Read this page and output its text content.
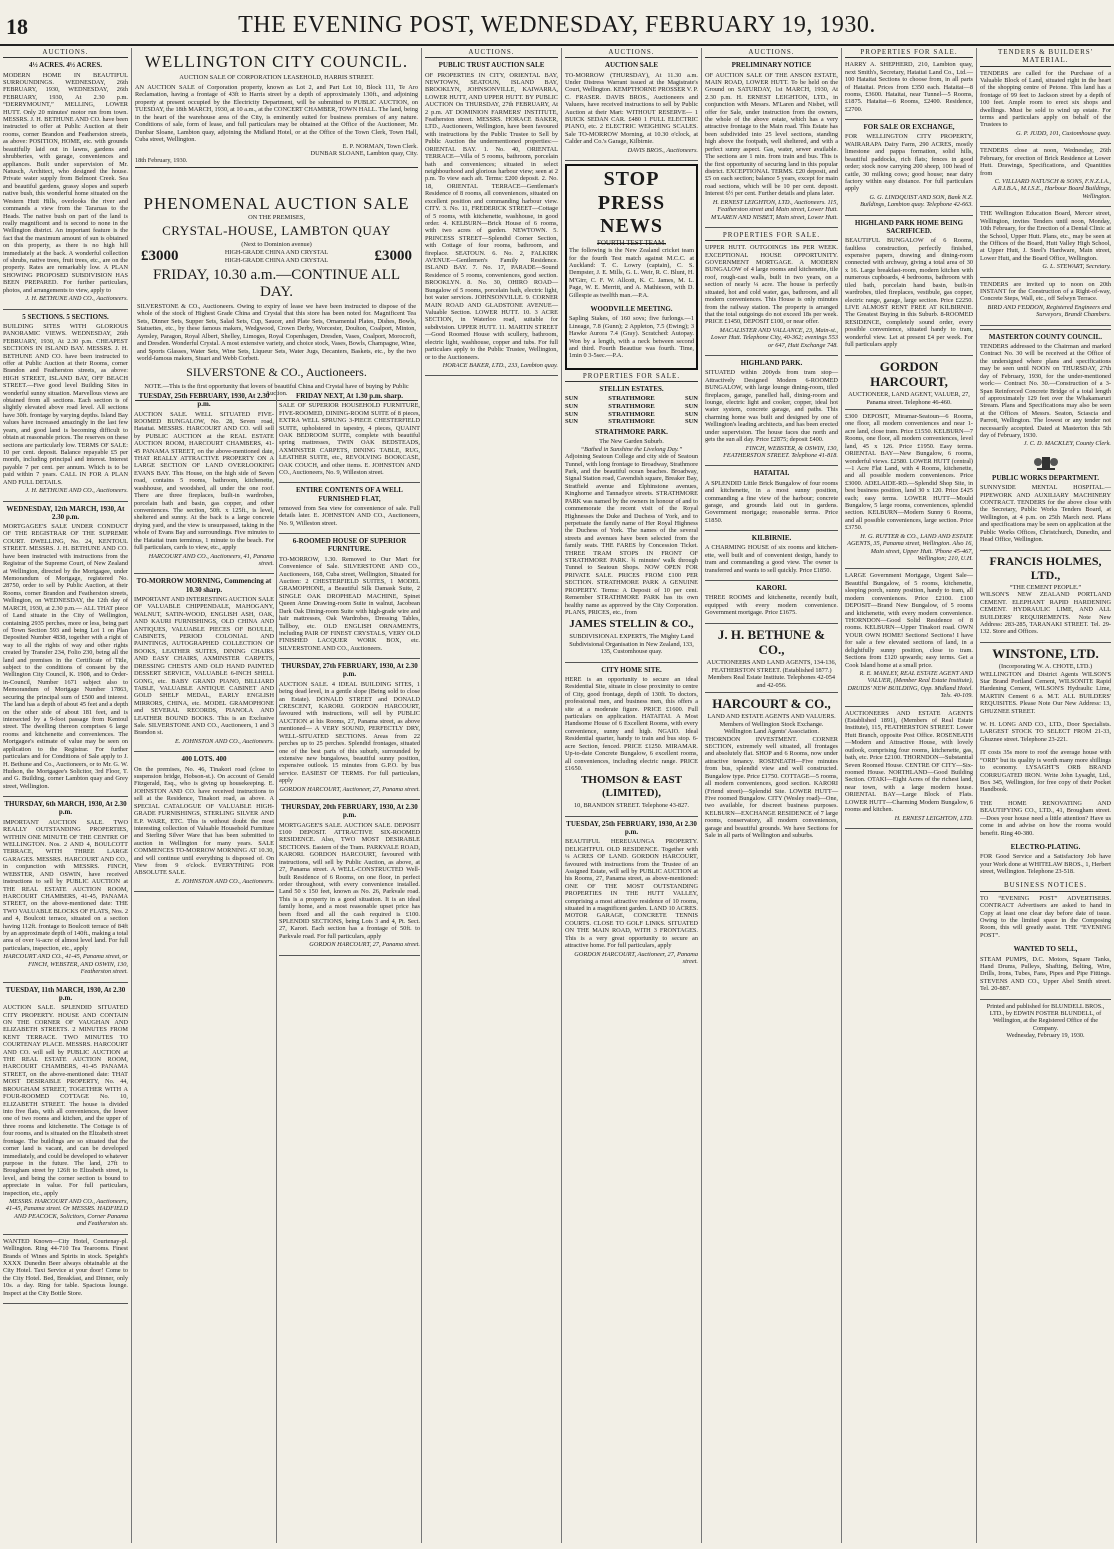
18	THE EVENING POST, WEDNESDAY, FEBRUARY 19, 1930.
AUCTIONS.
4½ ACRES. 4½ ACRES.
MODERN HOME IN BEAUTIFUL SURROUNDINGS. WEDNESDAY, 26th FEBRUARY, 1930, WEDNESDAY, 26th FEBRUARY, 1930, At 2.30 p.m. “DERRYMOUNT,” MELLING, LOWER HUTT. Only 20 minutes' motor run from town. MESSRS. J. H. BETHUNE AND CO. have been instructed to offer at Public Auction at their rooms, corner Brandon and Featherston streets, as above: POSITION, HOME, etc. with grounds beautifully laid out in lawns, gardens and shrubberies, with garage, conveniences and appliances. Built under supervision of Mr. Natusch, Architect, who designed the house. Private water supply from Belmont Creek. Sea and beautiful gardens, grassy slopes and superb native bush, this wonderful home situated on the Western Hutt Hills, overlooks the river and commands a view from the Tararuas to the Heads. The native bush on part of the land is really magnificent and is second to none in the Wellington district. An important feature is the fact that the maximum amount of sun is obtained on this property, as there is no high hill immediately at the back. A wonderful collection of shrubs, native trees, fruit trees, etc., are on the property. Rates are remarkably low. A PLAN SHOWING PROPOSED SUBDIVISION HAS BEEN PREPARED. For further particulars, photos, and arrangements to view, apply to
J. H. BETHUNE AND CO., Auctioneers.
5 SECTIONS. 5 SECTIONS.
BUILDING SITES WITH GLORIOUS PANORAMIC VIEWS. WEDNESDAY, 26th FEBRUARY, 1930, At 2.30 p.m. CHEAPEST SECTIONS IN ISLAND BAY. MESSRS. J. H. BETHUNE AND CO. have been instructed to offer at Public Auction at their Rooms, corner Brandon and Featherston streets, as above: HIGH STREET, ISLAND BAY, OFF BEACH STREET.—Five good level Building Sites in wonderful sunny situation. Marvellous views are obtained from all sections. Each section is of slightly elevated above road level. All sections have 30ft. frontage by varying depths. Island Bay values have increased amazingly in the last few years, and good land is becoming difficult to obtain at reasonable prices. The reserves on these sections are particularly low. TERMS OF SALE: 10 per cent. deposit. Balance repayable £5 per month, including principal and interest. Interest payable 7 per cent. per annum. Which is to be paid within 7 years. CALL IN FOR A PLAN AND FULL DETAILS.
J. H. BETHUNE AND CO., Auctioneers.
WEDNESDAY, 12th MARCH, 1930, At 2.30 p.m.
MORTGAGEE'S SALE UNDER CONDUCT OF THE REGISTRAR OF THE SUPREME COURT. DWELLING, No. 24, KENTOUL STREET. MESSRS. J. H. BETHUNE AND CO. have been instructed with instructions from the Registrar of the Supreme Court, of New Zealand at Wellington, directed by the Mortgagee, under Memorandum of Mortgage, registered No. 28750, order to sell by Public Auction, at their Rooms, corner Brandon and Featherston streets, Wellington, on WEDNESDAY, the 12th day of MARCH, 1930, at 2.30 p.m.— ALL THAT piece of Land situate in the City of Wellington, containing 2935 perches, more or less, being part of Town Section 593 and being Lot 1 on Plan Deposited Number 4838, together with a right of way to all the rights of way and other rights created by Transfer 234, Folio 230, being all the land and premises in the Certificate of Title, subject to the conditions of consent by the Wellington City Council, K. 1908, and to Order-in-Council, Number 1671 subject also to Memorandum of Mortgage Number 17863, securing the principal sum of £500 and interest. The land has a depth of about 45 feet and a depth on the other side of about 181 feet, and is intersected by a 9-foot passage from Kentoul street. The dwelling thereon comprises 6 large rooms and kitchenette and conveniences. The Mortgagee's estimate of value may be seen on application to the Registrar. For further particulars and for Conditions of Sale apply to J. H. Bethune and Co., Auctioneers, or to Mr. G. W. Hudson, the Mortgagee's Solicitor, 3rd Floor, T. and G. Building, corner Lambton quay and Grey street, Wellington.
THURSDAY, 6th MARCH, 1930, At 2.30 p.m.
IMPORTANT AUCTION SALE. TWO REALLY OUTSTANDING PROPERTIES, WITHIN ONE MINUTE OF THE CENTRE OF WELLINGTON. Nos. 2 AND 4, BOULCOTT TERRACE, WITH THREE LARGE GARAGES. MESSRS. HARCOURT AND CO., in conjunction with MESSRS. FINCH, WEBSTER, AND OSWIN, have received instructions to sell by PUBLIC AUCTION at THE REAL ESTATE AUCTION ROOM, HARCOURT CHAMBERS, 41-45, PANAMA STREET, on the above-mentioned date: THE TWO VALUABLE BLOCKS OF FLATS, Nos. 2 and 4, Boulcott terrace, situated on a section having 112ft. frontage to Boulcott terrace of 84ft by an approximate depth of 140ft., making a total area of over ¼-acre of almost level land. For full particulars, inspection, etc., apply
HARCOURT AND CO., 41-45, Panama street, or FINCH, WEBSTER, AND OSWIN, 130, Featherston street.
TUESDAY, 11th MARCH, 1930, At 2.30 p.m.
AUCTION SALE. SPLENDID SITUATED CITY PROPERTY. HOUSE AND CONTAIN ON THE CORNER OF VAUGHAN AND ELIZABETH STREETS. 2 MINUTES FROM KENT TERRACE. TWO MINUTES TO COURTENAY PLACE. MESSRS. HARCOURT AND CO. will sell by PUBLIC AUCTION at THE REAL ESTATE AUCTION ROOM, HARCOURT CHAMBERS, 41-45 PANAMA STREET, on the above-mentioned date: THAT MOST DESIRABLE PROPERTY, No. 44, BROUGHAM STREET, TOGETHER WITH A FOUR-ROOMED COTTAGE No. 10, ELIZABETH STREET. The house is divided into five flats, with all conveniences, the lower one of two rooms and kitchen, and the upper of three rooms and kitchenette. The Cottage is of four rooms, and is situated on the Elizabeth street frontage. The buildings are so situated that the corner land is vacant, and can be developed immediately, and could be developed to whatever purpose in the future. The land, 27ft to Brougham street by 126ft to Elizabeth street, is level, and being the corner section is bound to appreciate in value. For full particulars, inspection, etc., apply
MESSRS. HARCOURT AND CO., Auctioneers, 41-45, Panama street. Or MESSRS. HADFIELD AND PEACOCK, Solicitors, Corner Panama and Featherston sts.
WANTED Known—City Hotel, Courtenay-pl. Wellington. Ring 44-710 Tea Tearooms. Finest Brands of Wines and Spirits in stock. Speight's XXXX Dunedin Beer always obtainable at the City Hotel. Taxi Service at your door! Come to the City Hotel. Bed, Breakfast, and Dinner, only 10s. a day. Ring for table. Spacious lounge. Inspect at the City Bottle Store.
WELLINGTON CITY COUNCIL.
AUCTION SALE OF CORPORATION LEASEHOLD, HARRIS STREET.
AN AUCTION SALE of Corporation property, known as Lot 2, and Part Lot 10, Block 111, Te Aro Reclamation, having a frontage of 43ft to Harris street by a depth of approximately 130ft., and adjoining property at present occupied by the Electricity Department, will be submitted to PUBLIC AUCTION, on TUESDAY, the 18th MARCH, 1930, at 10 a.m., at the CONCERT CHAMBER, TOWN HALL. The land, being in the heart of the warehouse area of the City, is eminently suited for business premises of any nature. Conditions of sale, form of lease, and full particulars may be obtained at the Office of the Auctioneer, Mr. Dunbar Sloane, Lambton quay, adjoining the Midland Hotel, or at the Office of the Town Clerk, Town Hall, Cuba street, Wellington.
E. P. NORMAN, Town Clerk.
DUNBAR SLOANE, Lambton quay, City.
18th February, 1930.
PHENOMENAL AUCTION SALE
ON THE PREMISES,
CRYSTAL-HOUSE, LAMBTON QUAY
(Next to Dominion avenue)
£3000	HIGH-GRADE CHINA AND CRYSTAL
HIGH-GRADE CHINA AND CRYSTAL	£3000
FRIDAY, 10.30 a.m.—CONTINUE ALL DAY.
SILVERSTONE & CO., Auctioneers. Owing to expiry of lease we have been instructed to dispose of the whole of the stock of Highest Grade China and Crystal that this store has been noted for. Magnificent Tea Sets, Dinner Sets, Supper Sets, Salad Sets, Cup, Saucer, and Plate Sets, Ornamental Plates, Dishes, Bowls, Statuettes, etc., by these famous makers, Wedgwood, Crown Derby, Worcester, Doulton, Coalport, Minton, Aynsley, Paragon, Royal Albert, Shelley, Limoges, Royal Copenhagen, Dresden, Vases, Coalport, Morocroft, and Dresden. Wonderful Crystal. A most extensive variety, and choice stock, Vases, Bowls, Champagne, Wine, and Sports Glasses, Water Sets, Wine Sets, Liqueur Sets, Water Jugs, Decanters, Baskets, etc., by the two world-famous makers, Stuart and Webb Corbett.
SILVERSTONE & CO., Auctioneers.
NOTE.—This is the first opportunity that lovers of beautiful China and Crystal have of buying by Public Auction.
TUESDAY, 25th FEBRUARY, 1930, At 2.30 p.m.
AUCTION SALE. WELL SITUATED FIVE-ROOMED BUNGALOW, No. 28, Seven road, Hataitai. MESSRS. HARCOURT AND CO. will sell by PUBLIC AUCTION at the REAL ESTATE AUCTION ROOM, HARCOURT CHAMBERS, 41-45 PANAMA STREET, on the above-mentioned date, THAT REALLY ATTRACTIVE PROPERTY ON A LARGE SECTION OF LAND OVERLOOKING EVANS BAY. This House, on the high side of Seven road, contains 5 rooms, bathroom, kitchenette, washhouse, and woodshed, all under the one roof. There are three fireplaces, built-in wardrobes, porcelain bath and basin, gas copper, and other conveniences. The section, 50ft. x 125ft., is level, sheltered and sunny. At the back is a large concrete drying yard, and the view is unsurpassed, taking in the whole of Evans Bay and surroundings. Five minutes to the Hataitai tram terminus, 1 minute to the beach. For full particulars, cards to view, etc., apply
HARCOURT AND CO., Auctioneers, 41, Panama street.
TO-MORROW MORNING, Commencing at 10.30 sharp.
IMPORTANT AND INTERESTING AUCTION SALE OF VALUABLE CHIPPENDALE, MAHOGANY, WALNUT, SATIN-WOOD, ENGLISH ASH, OAK, AND KAURI FURNISHINGS, OLD CHINA AND ANTIQUES, VALUABLE PIECES OF BOULLE, CABINETS, PERIOD COLONIAL AND PAINTINGS, AUTOGRAPHED COLLECTION OF BOOKS, LEATHER SUITES, DINING CHAIRS AND EASY CHAIRS, AXMINSTER CARPETS, DRESSING CHESTS AND OLD HAND PAINTED DESSERT SERVICE, VALUABLE 6-INCH SHELL GONG, etc. BABY GRAND PIANO, BILLIARD TABLE, VALUABLE ANTIQUE CABINET AND GOLD SHELF MEDAL, EARLY ENGLISH MIRRORS, CHINA, etc. MODEL GRAMOPHONE and SEVERAL RECORDS, PIANOLA AND LEATHER BOUND BOOKS. This is an Exclusive Sale. SILVERSTONE AND CO., Auctioneers, 1 and 3 Brandon st.
E. JOHNSTON AND CO., Auctioneers.
400 LOTS. 400
On the premises, No. 46, Tinakori road (close to suspension bridge, Hobson-st.). On account of Gerald Fitzgerald, Esq., who is giving up housekeeping. E. JOHNSTON AND CO. have received instructions to sell at the Residence, Tinakori road, as above. A SPECIAL CATALOGUE OF VALUABLE HIGH-GRADE FURNISHINGS, STERLING SILVER AND E.P. WARE, ETC. This is without doubt the most interesting collection of Valuable Household Furniture and Sterling Silver Ware that has been submitted to auction in Wellington for many years. SALE COMMENCES TO-MORROW MORNING AT 10.30, and will continue until everything is disposed of. On View from 9 o'clock. EVERYTHING FOR ABSOLUTE SALE.
E. JOHNSTON AND CO., Auctioneers.
FRIDAY NEXT, At 1.30 p.m. sharp.
SALE OF SUPERIOR HOUSEHOLD FURNITURE, FIVE-ROOMED, DINING-ROOM SUITE of 8 pieces, EXTRA WELL SPRUNG 3-PIECE CHESTERFIELD SUITE, upholstered in tapestry, 4 pieces, QUAINT OAK BEDROOM SUITE, complete with beautiful spring mattresses, TWIN OAK BEDSTEADS, AXMINSTER CARPETS, DINING TABLE, RUG, LEATHER SUITE, etc., REVOLVING BOOKCASE, OAK COUCH, and other items. E. JOHNSTON AND CO., Auctioneers, No. 9, Willeston street.
ENTIRE CONTENTS OF A WELL FURNISHED FLAT,
removed from Sea view for convenience of sale. Full details later. E. JOHNSTON AND CO., Auctioneers, No. 9, Willeston street.
6-ROOMED HOUSE OF SUPERIOR FURNITURE.
TO-MORROW, 1.30. Removed to Our Mart for Convenience of Sale. SILVERSTONE AND CO., Auctioneers, 168, Cuba street, Wellington, Situated for Auction: 2 CHESTERFIELD SUITES, 1 MODEL GRAMOPHONE, a Beautiful Silk Damask Suite, 2 SINGLE OAK DROPHEAD MACHINE, Spinet Queen Anne Drawing-room Suite in walnut, Jacobean Dark Oak Dining-room Suite with high-grade wire and hair mattresses, Oak Wardrobes, Dressing Tables, Tallboy, etc. OLD ENGLISH ORNAMENTS, including PAIR OF FINEST CRYSTALS, VERY OLD FINISHED LACQUER WORK BOX, etc. SILVERSTONE AND CO., Auctioneers.
THURSDAY, 27th FEBRUARY, 1930, At 2.30 p.m.
AUCTION SALE. 4 IDEAL BUILDING SITES, 1 being dead level, in a gentle slope (Being sold to close an Estate). DONALD STREET and DONALD CRESCENT, KARORI. GORDON HARCOURT, favoured with instructions, will sell by PUBLIC AUCTION at his Rooms, 27, Panama street, as above mentioned— A VERY SOUND, PERFECTLY DRY, WELL-SITUATED SECTIONS. Areas from 22 perches up to 25 perches. Splendid frontages, situated one of the best parts of this suburb, surrounded by extensive new bungalows, beautiful sunny position, expensive outlook. 15 minutes from G.P.O. by bus service. EASIEST OF TERMS. For full particulars, apply
GORDON HARCOURT, Auctioneer, 27, Panama street.
THURSDAY, 20th FEBRUARY, 1930, At 2.30 p.m.
MORTGAGEE'S SALE. AUCTION SALE. DEPOSIT £100 DEPOSIT. ATTRACTIVE SIX-ROOMED RESIDENCE. Also, TWO MOST DESIRABLE SECTIONS. Eastern of the Tram. PARKVALE ROAD, KARORI. GORDON HARCOURT, favoured with instructions, will sell by Public Auction, as above, at 27, Panama street. A WELL-CONSTRUCTED Well-built Residence of 6 Rooms, on one floor, in perfect order throughout, with every convenience installed. Land 50 x 150 feet, known as No. 26, Parkvale road. This is a property in a good situation. It is an ideal family home, and a most reasonable upset price has been fixed and all the cash required is £100. SPLENDID SECTIONS, being Lots 3 and 4, Pt. Sect. 27, Karori. Each section has a frontage of 50ft. to Parkvale road. For full particulars, apply
GORDON HARCOURT, 27, Panama street.
AUCTIONS.
PUBLIC TRUST AUCTION SALE
OF PROPERTIES IN CITY, ORIENTAL BAY, NEWTOWN, SEATOUN, ISLAND BAY, BROOKLYN, JOHNSONVILLE, KAIWARRA, LOWER HUTT, AND UPPER HUTT. BY PUBLIC AUCTION On THURSDAY, 27th FEBRUARY, At 2 p.m. AT DOMINION FARMERS' INSTITUTE, Featherston street. MESSRS. HORACE BAKER, LTD., Auctioneers, Wellington, have been favoured with instructions by the Public Trustee to Sell by Public Auction the undermentioned properties:— ORIENTAL BAY. 1. No. 40, ORIENTAL TERRACE—Villa of 5 rooms, bathroom, porcelain bath and conveniences; situated in select neighbourhood and glorious harbour view; seen at 2 p.m. To view each aft. Terms: £200 deposit. 2. No. 18, ORIENTAL TERRACE—Gentleman's Residence of 8 rooms, all conveniences, situated on excellent position and commanding harbour view. CITY. 3. No. 11, FREDERICK STREET—Cottage of 5 rooms, with kitchenette, washhouse, in good order. 4. KELBURN—Brick House of 6 rooms, with two acres of garden. NEWTOWN. 5. PRINCESS STREET—Splendid Corner Section, with Cottage of four rooms, bathroom, and fireplace. SEATOUN. 6. No. 2, FALKIRK AVENUE—Gentlemen's Family Residence. ISLAND BAY. 7. No. 17, PARADE—Sound Residence of 5 rooms, conveniences, good section. BROOKLYN. 8. No. 30, OHIRO ROAD—Bungalow of 5 rooms, porcelain bath, electric light, hot water services. JOHNSONVILLE. 9. CORNER MAIN ROAD AND GLADSTONE AVENUE—Valuable Section. LOWER HUTT. 10. 3 ACRE SECTION, in Waterloo road, suitable for subdivision. UPPER HUTT. 11. MARTIN STREET—Good Roomed House with scullery, bathroom, electric light, washhouse, copper and tubs. For full particulars apply to the Public Trustee, Wellington, or to the Auctioneers.
HORACE BAKER, LTD., 233, Lambton quay.
AUCTIONS.
AUCTION SALE
TO-MORROW (THURSDAY), At 11.30 a.m. Under Distress Warrant issued at the Magistrate's Court, Wellington. KEMPTHORNE PROSSER V. P. C. FRASER. DAVIS BROS., Auctioneers and Valuers, have received instructions to sell by Public Auction at their Mart: WITHOUT RESERVE— 1 BUICK SEDAN CAR. £480 1 FULL ELECTRIC PIANO, etc. 2 ELECTRIC WEIGHING SCALES. Sale TO-MORROW Morning, at 10.30 o'clock, at Calder and Co.'s Garage, Kilbirnie.
DAVIS BROS., Auctioneers.
STOP PRESS NEWS
FOURTH TEST TEAM.
The following is the New Zealand cricket team for the fourth Test match against M.C.C. at Auckland: T. C. Lowry (captain), C. S. Dempster, J. E. Mills, G. L. Weir, R. C. Blunt, H. M'Girr, C. F. W. Allcott, K. C. James, M. L. Page, W. E. Merritt, and A. Mathieson, with D. Gillespie as twelfth man.—P.A.
WOODVILLE MEETING.
Sapling Stakes, of 160 sovs; five furlongs.—1 Lineage, 7.8 (Gunn); 2 Appleton, 7.5 (Ewing); 3 Hawke Aurora 7.4 (Gray). Scratched: Autopay. Won by a length, with a neck between second and third. Fourth Beautiue was fourth. Time, 1min 0 3-5sec.—P.A.
PROPERTIES FOR SALE.
STELLIN ESTATES.
SUN	STRATHMORE	SUN
SUN	STRATHMORE	SUN
SUN	STRATHMORE	SUN
SUN	STRATHMORE	SUN
STRATHMORE PARK.
The New Garden Suburb.
“Bathed in Sunshine the Livelong Day.”
Adjoining Seatoun College and city side of Seatoun Tunnel, with long frontage to Broadway, Strathmore Park, and the beautiful ocean beaches. Broadway, Signal Station road, Cavendish square, Breaker Bay, Stratfield avenue and Elphinstone avenues, Kinghorne and Tannadyce streets. STRATHMORE PARK was named by the owners in honour of and to commemorate the recent visit of the Royal Highnesses the Duke and Duchess of York, and to perpetuate the family name of Her Royal Highness the Duchess of York. The names of the several streets and avenues have been selected from the family seats. THE FARES by Concession Ticket. THREE TRAM STOPS IN FRONT OF STRATHMORE PARK. ¾ minutes' walk through Tunnel to Seatoun Shops. NOW OPEN FOR PRIVATE SALE. PRICES FROM £100 PER SECTION. STRATHMORE PARK A GENUINE PROPERTY. Terms: A Deposit of 10 per cent. Remember STRATHMORE PARK has its own healthy name as approved by the City Corporation. PLANS, PRICES, etc., from
JAMES STELLIN & CO.,
SUBDIVISIONAL EXPERTS, The Mighty Land Subdivisional Organisation in New Zealand, 133, 135, Customhouse quay.
CITY HOME SITE.
HERE is an opportunity to secure an ideal Residential Site, situate in close proximity to centre of City, good frontage, depth of 130ft. To doctors, professional men, and business men, this offers a site at a moderate figure. PRICE £1600. Full particulars on application. HATAITAI. A Most Handsome House of 6 Excellent Rooms, with every convenience, sunny and high. NGAIO. Ideal Residential quarter, handy to train and bus stop. 6-acre Section, fenced. PRICE £1250. MIRAMAR. Up-to-date Concrete Bungalow, 6 excellent rooms, all conveniences, including electric range. PRICE £1650.
THOMSON & EAST (LIMITED),
10, BRANDON STREET. Telephone 43-827.
TUESDAY, 25th FEBRUARY, 1930, At 2.30 p.m.
BEAUTIFUL HEREUAUNGA PROPERTY. DELIGHTFUL OLD RESIDENCE. Together with ¼ ACRES OF LAND. GORDON HARCOURT, favoured with instructions from the Trustee of an Assigned Estate, will sell by PUBLIC AUCTION at his Rooms, 27, Panama street, as above-mentioned: ONE OF THE MOST OUTSTANDING PROPERTIES IN THE HUTT VALLEY, comprising a most attractive residence of 10 rooms, situated in a magnificent garden. LAND 10 ACRES. MOTOR GARAGE, CONCRETE TENNIS COURTS. CLOSE TO GOLF LINKS. SITUATED ON THE MAIN ROAD, WITH 3 FRONTAGES. This is a very great opportunity to secure an attractive home. For full particulars, apply
GORDON HARCOURT, Auctioneer, 27, Panama street.
AUCTIONS.
PRELIMINARY NOTICE
OF AUCTION SALE OF THE ANSON ESTATE, MAIN ROAD, LOWER HUTT. To be held on the Ground on SATURDAY, 1st MARCH, 1930, At 2.30 p.m. H. ERNEST LEIGHTON, LTD., in conjunction with Messrs. M'Laren and Nisbet, will offer for Sale, under instruction from the owners, the whole of the above estate, which has a very attractive frontage to the Main road. This Estate has been subdivided into 25 level sections, standing high above the footpath, well sheltered, and with a perfect sunny aspect. Gas, water, sewer available. The sections are 1 min. from train and bus. This is the first opportunity of securing land in this popular district. EXCEPTIONAL TERMS. £20 deposit, and £5 on each section; balance 5 years, except for main road sections, which will be 10 per cent. deposit. Interest 6½ per cent. Further details and plans later.
H. ERNEST LEIGHTON, LTD., Auctioneers. 115, Featherston street and Main street, Lower Hutt. M'LAREN AND NISBET, Main street, Lower Hutt.
PROPERTIES FOR SALE.
UPPER HUTT. OUTGOINGS 18s PER WEEK. EXCEPTIONAL HOUSE OPPORTUNITY. GOVERNMENT MORTGAGE. A MODERN BUNGALOW of 4 large rooms and kitchenette, tile roof, rough-cast walls, built in two years, on a section of nearly ¼ acre. The house is perfectly situated, hot and cold water, gas, bathroom, and all modern conveniences. This House is only minutes from the railway station. The property is arranged that the total outgoings do not exceed 18s per week. PRICE £1450, DEPOSIT £100, or near offer.
MACALISTER AND VALLANCE, 23, Main-st., Lower Hutt. Telephone City, 40-362; evenings 553 or 647, Hutt Exchange 748.
HIGHLAND PARK.
SITUATED within 200yds from tram stop—Attractively Designed Modern 6-ROOMED BUNGALOW, with large lounge dining-room, tiled fireplaces, garage, panelled hall, dining-room and lounge, electric light and cooker, copper, ideal hot water system, concrete garage, and paths. This charming home was built and designed by one of Wellington's leading architects, and has been erected under supervision. The house faces due north and gets the sun all day. Price £2875; deposit £400.
FINCH, WEBSTER, & OSWIN, 130, FEATHERSTON STREET. Telephone 41-818.
HATAITAI.
A SPLENDID Little Brick Bungalow of four rooms and kitchenette, in a most sunny position, commanding a fine view of the harbour; concrete garage, and grounds laid out in gardens. Government mortgage; reasonable terms. Price £1850.
KILBIRNIE.
A CHARMING HOUSE of six rooms and kitchen-ette, well built and of convenient design, handy to tram and commanding a good view. The owner is transferred and wants to sell quickly. Price £1850.
KARORI.
THREE ROOMS and kitchenette, recently built, equipped with every modern convenience. Government mortgage. Price £1675.
J. H. BETHUNE & CO.,
AUCTIONEERS AND LAND AGENTS, 134-136, FEATHERSTON STREET. (Established 1877.) Members Real Estate Institute. Telephones 42-054 and 42-056.
HARCOURT & CO.,
LAND AND ESTATE AGENTS AND VALUERS. Members of Wellington Stock Exchange. Wellington Land Agents' Association.
THORNDON INVESTMENT. CORNER SECTION, extremely well situated, all frontages and absolutely flat. SHOP and 6 Rooms, now under attractive tenancy. ROSENEATH—Five minutes from bus, splendid view and well constructed. Bungalow type. Price £1750. COTTAGE—5 rooms, all modern conveniences, good section. KARORI (Friend street)—Splendid Site. LOWER HUTT—Five roomed Bungalow. CITY (Wesley road)—One, two available, for discreet business purposes. KELBURN—EXCHANGE RESIDENCE of 7 large rooms, conservatory, all modern conveniences, garage and beautiful grounds. We have Sections for Sale in all parts of Wellington and suburbs.
PROPERTIES FOR SALE.
HARRY A. SHEPHERD, 210, Lambton quay, next Smith's, Secretary, Hataitai Land Co., Ltd.—100 Hataitai Sections to choose from, in all parts of Hataitai. Prices from £350 each. Hataitai—8 rooms, £3600. Hataitai, near Tunnel—5 Rooms, £1875. Hataitai—6 Rooms, £2400. Residence, £2700.
FOR SALE OR EXCHANGE,
FOR WELLINGTON CITY PROPERTY, WAIRARAPA Dairy Farm, 290 ACRES, mostly limestone and pappa formation, solid hills, beautiful paddocks, rich flats; fences in good order; stock now carrying 200 sheep, 100 head of cattle, 30 milking cows; good house; near dairy factory within easy distance. For full particulars apply
G. G. LINDQUIST AND SON, Bank N.Z. Buildings, Lambton quay. Telephone 42-663.
HIGHLAND PARK HOME BEING SACRIFICED.
BEAUTIFUL BUNGALOW of 6 Rooms, faultless construction, perfectly finished, expensive papers, drawing and dining-room connected with archway, giving a total area of 30 x 16. Large breakfast-room, modern kitchen with numerous cupboards, 4 bedrooms, bathroom with tiled bath, porcelain hand basin, built-in wardrobes, tiled fireplaces, vestibule, gas copper, electric range, garage, large section. Price £2250. LIVE ALMOST RENT FREE AT KILBIRNIE. The Greatest Buying in this Suburb. 8-ROOMED RESIDENCE, completely sound order, every possible convenience, situated handy to tram, wonderful view. Let at present £4 per week. For full particulars apply
GORDON HARCOURT,
AUCTIONEER, LAND AGENT, VALUER, 27, Panama street. Telephone 46-460.
£300 DEPOSIT, Miramar-Seatoun—6 Rooms, one floor, all modern conveniences and near 1-acre land, close tram. Price £1550. KELBURN—7 Rooms, one floor, all modern conveniences, level land, 45 x 126. Price £1950. Easy terms. ORIENTAL BAY—New Bungalow, 6 rooms, wonderful views. £2580. LOWER HUTT (central)—1 Acre Flat Land, with 4 Rooms, kitchenette, and all possible modern conveniences. Price £3000. ADELAIDE-RD.—Splendid Shop Site, in best business position, land 30 x 120. Price £425 each; easy terms. LOWER HUTT—Mould Bungalow, 5 large rooms, conveniences, splendid section. KELBURN—Modern Sunny 6 Rooms, and all possible conveniences, large section. Price £3750.
H. G. RUTTER & CO., LAND AND ESTATE AGENTS, 35, Panama street, Wellington. Also 16, Main street, Upper Hutt. 'Phone 45-467, Wellington; 210, U.H.
LARGE Government Mortgage, Urgent Sale—Beautiful Bungalow, of 5 rooms, kitchenette, sleeping porch, sunny position, handy to tram, all modern conveniences. Price £2100. £100 DEPOSIT—Brand New Bungalow, of 5 rooms and kitchenette, with every modern convenience. THORNDON—Good Solid Residence of 8 rooms. KELBURN—Upper Tinakori road. OWN YOUR OWN HOME! Sections! Sections! I have for sale a few elevated sections of land, in a delightfully sunny position, close to tram. Sections from £120 upwards; easy terms. Get a Cook Island home at a small price.
R. E. MANLEY, REAL ESTATE AGENT AND VALUER, (Member Real Estate Institute), DRUIDS' NEW BUILDING, Opp. Midland Hotel. Tels. 40-109.
AUCTIONEERS AND ESTATE AGENTS (Established 1891), (Members of Real Estate Institute), 115, FEATHERSTON STREET. Lower Hutt Branch, opposite Post Office. ROSENEATH—Modern and Attractive House, with lovely outlook, comprising four rooms, kitchenette, gas, bath, etc. Price £2100. THORNDON—Substantial Seven Roomed House. CENTRE OF CITY—Six-roomed House. NORTHLAND—Good Building Section. OTAKI—Eight Acres of the richest land, near town, with a large modern house. ORIENTAL BAY—Large Block of Flats. LOWER HUTT—Charming Modern Bungalow, 6 rooms and kitchen.
H. ERNEST LEIGHTON, LTD.
TENDERS & BUILDERS' MATERIAL.
TENDERS are called for the Purchase of a Valuable Block of Land, situated right in the heart of the shopping centre of Petone. This land has a frontage of 99 feet to Jackson street by a depth of 100 feet. Ample room to erect six shops and dwellings. Must be sold to wind up estate. For terms and particulars apply on behalf of the Trustees to
G. P. JUDD, 101, Customhouse quay.
TENDERS close at noon, Wednesday, 26th February, for erection of Brick Residence at Lower Hutt. Drawings, Specifications, and Quantities from
C. VILLIARD NATUSCH & SONS, F.N.Z.I.A., A.R.I.B.A., M.I.S.E., Harbour Board Buildings, Wellington.
THE Wellington Education Board, Mercer street, Wellington, invites Tenders until noon, Monday, 10th February, for the Erection of a Dental Clinic at the School, Upper Hutt. Plans, etc., may be seen at the Offices of the Board, Hutt Valley High School, at Upper Hutt, J. Steel's Hardware, Main street, Lower Hutt, and the Board Office, Wellington.
G. L. STEWART, Secretary.
TENDERS are invited up to noon on 20th INSTANT for the Construction of a Right-of-way, Concrete Steps, Wall, etc., off Selwyn Terrace.
BIRD AND FEDDON, Registered Engineers and Surveyors, Brandt Chambers.
MASTERTON COUNTY COUNCIL.
TENDERS addressed to the Chairman and marked Contract No. 30 will be received at the Office of the undersigned where plans and specifications may be seen until NOON on THURSDAY, 27th day of February, 1930, for the under-mentioned work:— Contract No. 30.—Construction of a 3-Span Reinforced Concrete Bridge of a total length of approximately 129 feet over the Whakamaruri Stream. Plans and Specifications may also be seen at the Offices of Messrs. Seaton, Sciascia and Parrott, Wellington. The lowest or any tender not necessarily accepted. Dated at Masterton this 5th day of February, 1930.
J. C. D. MACKLEY, County Clerk.
PUBLIC WORKS DEPARTMENT.
SUNNYSIDE MENTAL HOSPITAL.—PIPEWORK AND AUXILIARY MACHINERY CONTRACT. TENDERS for the above close with the Secretary, Public Works Tenders Board, at Wellington, at 4 p.m. on 25th March next. Plans and specifications may be seen on application at the Public Works Offices, Christchurch, Dunedin, and Head Office, Wellington.
FRANCIS HOLMES, LTD.,
“THE CEMENT PEOPLE.”
WILSON'S NEW ZEALAND PORTLAND CEMENT. ELEPHANT RAPID HARDENING CEMENT. HYDRAULIC LIME, AND ALL BUILDERS' REQUIREMENTS. Note New Address: 283-285, TARANAKI STREET. Tel. 29-132. Store and Offices.
WINSTONE, LTD.
(Incorporating W. A. CHOTE, LTD.)
WELLINGTON and District Agents WILSON'S Star Brand Portland Cement, WILSONITE Rapid Hardening Cement, WILSON'S Hydraulic Lime, MARTIN Cement 6 a. M.T. ALL BUILDERS' REQUISITES. Please Note Our New Address: 13, GHUZNEE STREET.
W. H. LONG AND CO., LTD., Door Specialists. LARGEST STOCK TO SELECT FROM 21-33, Ghuznee street. Telephone 23-221.
IT costs 35s more to roof the average house with “ORB” but its quality is worth many more shillings to economy. LYSAGHT'S ORB BRAND CORRUGATED IRON. Write John Lysaght, Ltd., Box 345, Wellington, for free copy of their Pocket Handbook.
THE HOME RENOVATING AND BEAUTIFYING CO., LTD., 41, Brougham street.—Does your house need a little attention? Have us come in and advise on how the rooms would benefit. Ring 40-380.
ELECTRO-PLATING.
FOR Good Service and a Satisfactory Job have your Work done at WHITELAW BROS., 1, Herbert street, Wellington. Telephone 23-518.
BUSINESS NOTICES.
TO “EVENING POST” ADVERTISERS. CONTRACT Advertisers are asked to hand in Copy at least one clear day before date of issue. Owing to the limited space in the Composing Room, this will greatly assist. THE “EVENING POST”.
WANTED TO SELL,
STEAM PUMPS, D.C. Motors, Square Tanks, Hand Drums, Pulleys, Shafting, Belting, Wire, Drills, Irons, Tubes, Fans, Pipes and Pipe Fittings. STEVENS AND CO., Upper Abel Smith street. Tel. 20-887.
Printed and published for BLUNDELL BROS., LTD., by EDWIN FOSTER BLUNDELL, of Wellington, at the Registered Office of the Company.
Wednesday, February 19, 1930.
